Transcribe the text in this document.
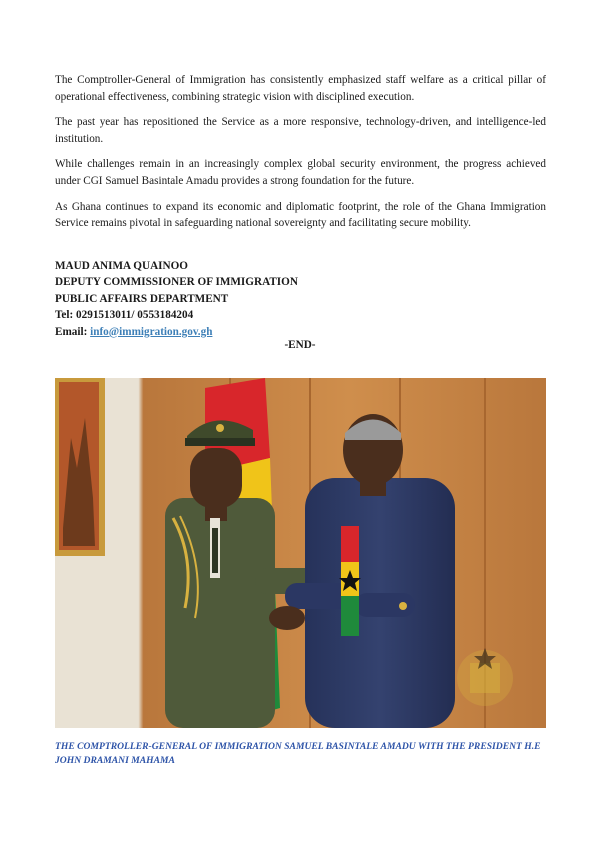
The Comptroller-General of Immigration has consistently emphasized staff welfare as a critical pillar of operational effectiveness, combining strategic vision with disciplined execution.

The past year has repositioned the Service as a more responsive, technology-driven, and intelligence-led institution.

While challenges remain in an increasingly complex global security environment, the progress achieved under CGI Samuel Basintale Amadu provides a strong foundation for the future.

As Ghana continues to expand its economic and diplomatic footprint, the role of the Ghana Immigration Service remains pivotal in safeguarding national sovereignty and facilitating secure mobility.

MAUD ANIMA QUAINOO
DEPUTY COMMISSIONER OF IMMIGRATION
PUBLIC AFFAIRS DEPARTMENT
Tel: 0291513011/ 0553184204
Email: info@immigration.gov.gh
-END-
THE COMPTROLLER-GENERAL OF IMMIGRATION SAMUEL BASINTALE AMADU WITH THE PRESIDENT H.E JOHN DRAMANI MAHAMA
